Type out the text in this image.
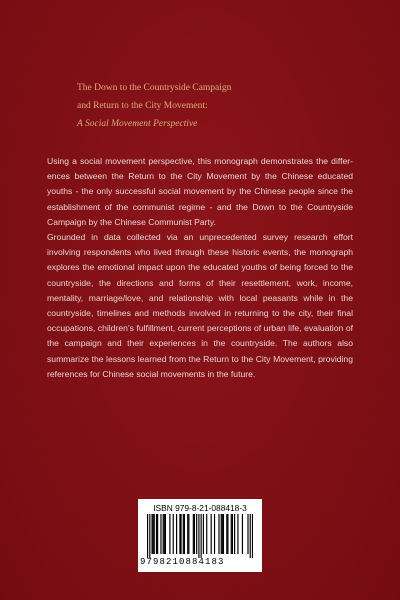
The Down to the Countryside Campaign
and Return to the City Movement:
A Social Movement Perspective

Using a social movement perspective, this monograph demonstrates the differences between the Return to the City Movement by the Chinese educated youths - the only successful social movement by the Chinese people since the establishment of the communist regime - and the Down to the Countryside Campaign by the Chinese Communist Party.

Grounded in data collected via an unprecedented survey research effort involving respondents who lived through these historic events, the monograph explores the emotional impact upon the educated youths of being forced to the countryside, the directions and forms of their resettlement, work, income, mentality, marriage/love, and relationship with local peasants while in the countryside, timelines and methods involved in returning to the city, their final occupations, children’s fulfillment, current perceptions of urban life, evaluation of the campaign and their experiences in the countryside. The authors also summarize the lessons learned from the Return to the City Movement, providing references for Chinese social movements in the future.

ISBN 979-8-21-088418-3
9798210884183
